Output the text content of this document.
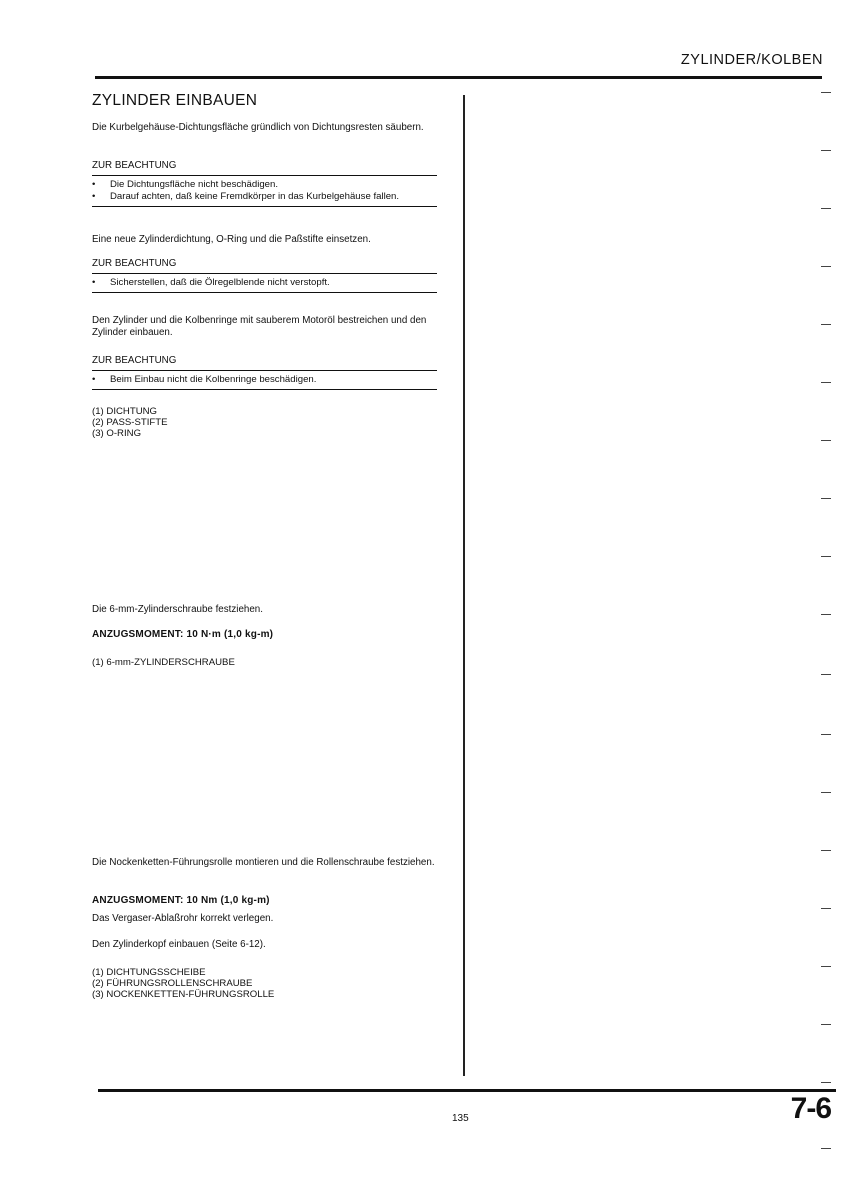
ZYLINDER/KOLBEN
ZYLINDER EINBAUEN
Die Kurbelgehäuse-Dichtungsfläche gründlich von Dichtungsresten säubern.
ZUR BEACHTUNG
• Die Dichtungsfläche nicht beschädigen.
• Darauf achten, daß keine Fremdkörper in das Kurbelgehäuse fallen.
Eine neue Zylinderdichtung, O-Ring und die Paßstifte einsetzen.
ZUR BEACHTUNG
• Sicherstellen, daß die Ölregelblende nicht verstopft.
Den Zylinder und die Kolbenringe mit sauberem Motoröl bestreichen und den Zylinder einbauen.
ZUR BEACHTUNG
• Beim Einbau nicht die Kolbenringe beschädigen.
(1) DICHTUNG
(2) PASS-STIFTE
(3) O-RING
Die 6-mm-Zylinderschraube festziehen.
ANZUGSMOMENT: 10 N·m (1,0 kg-m)
(1) 6-mm-ZYLINDERSCHRAUBE
Die Nockenketten-Führungsrolle montieren und die Rollenschraube festziehen.
ANZUGSMOMENT: 10 Nm (1,0 kg-m)
Das Vergaser-Ablaßrohr korrekt verlegen.
Den Zylinderkopf einbauen (Seite 6-12).
(1) DICHTUNGSSCHEIBE
(2) FÜHRUNGSROLLENSCHRAUBE
(3) NOCKENKETTEN-FÜHRUNGSROLLE
135	7-6
